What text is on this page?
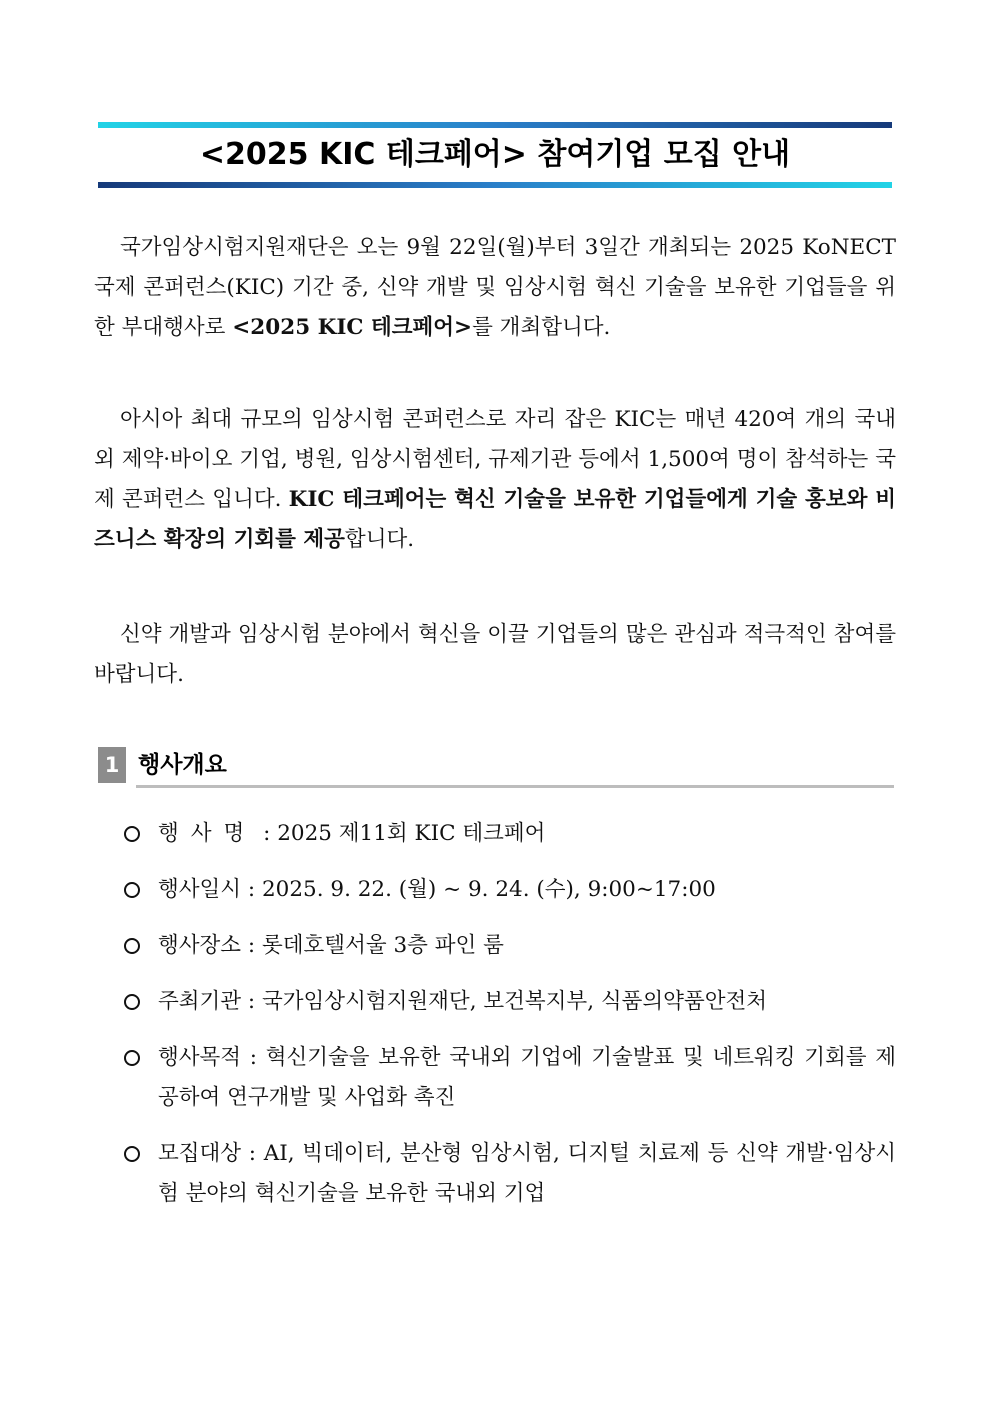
<2025 KIC 테크페어> 참여기업 모집 안내

국가임상시험지원재단은 오는 9월 22일(월)부터 3일간 개최되는 2025 KoNECT 국제 콘퍼런스(KIC) 기간 중, 신약 개발 및 임상시험 혁신 기술을 보유한 기업들을 위한 부대행사로 <2025 KIC 테크페어>를 개최합니다.

아시아 최대 규모의 임상시험 콘퍼런스로 자리 잡은 KIC는 매년 420여 개의 국내외 제약·바이오 기업, 병원, 임상시험센터, 규제기관 등에서 1,500여 명이 참석하는 국제 콘퍼런스 입니다. KIC 테크페어는 혁신 기술을 보유한 기업들에게 기술 홍보와 비즈니스 확장의 기회를 제공합니다.

신약 개발과 임상시험 분야에서 혁신을 이끌 기업들의 많은 관심과 적극적인 참여를 바랍니다.

1 행사개요
행사명 : 2025 제11회 KIC 테크페어
행사일시 : 2025. 9. 22. (월) ~ 9. 24. (수), 9:00~17:00
행사장소 : 롯데호텔서울 3층 파인 룸
주최기관 : 국가임상시험지원재단, 보건복지부, 식품의약품안전처
행사목적 : 혁신기술을 보유한 국내외 기업에 기술발표 및 네트워킹 기회를 제공하여 연구개발 및 사업화 촉진
모집대상 : AI, 빅데이터, 분산형 임상시험, 디지털 치료제 등 신약 개발·임상시험 분야의 혁신기술을 보유한 국내외 기업
